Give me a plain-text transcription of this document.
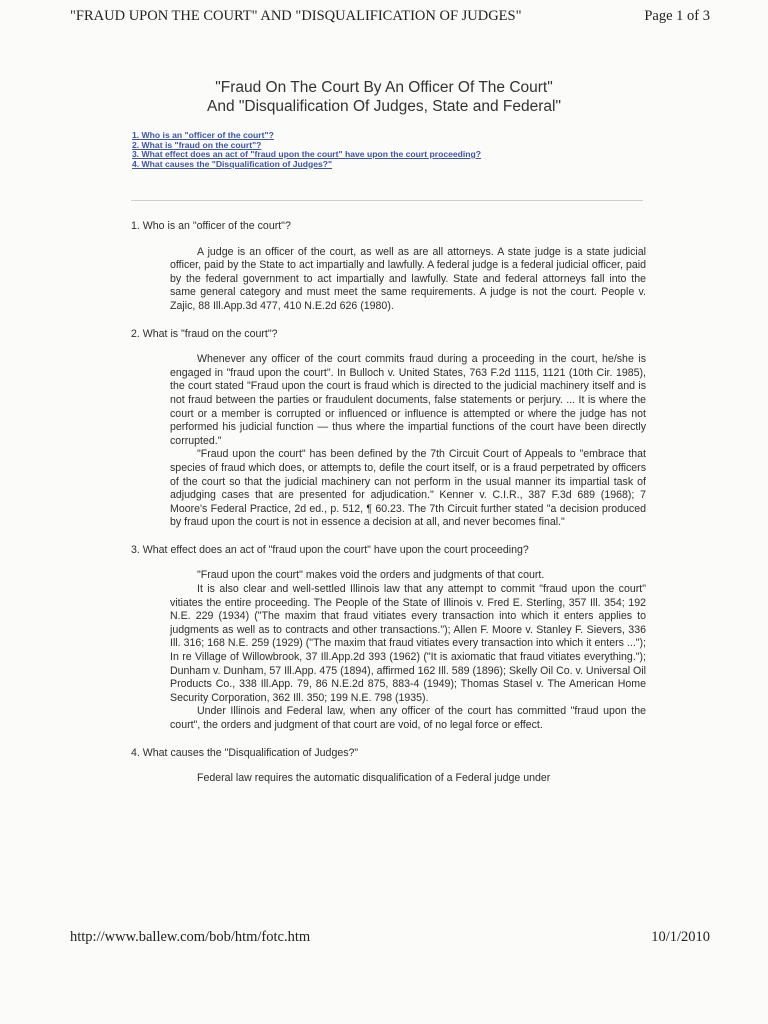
"FRAUD UPON THE COURT" AND "DISQUALIFICATION OF JUDGES"	Page 1 of 3
"Fraud On The Court By An Officer Of The Court"
And "Disqualification Of Judges, State and Federal"
1. Who is an "officer of the court"?
2. What is "fraud on the court"?
3. What effect does an act of "fraud upon the court" have upon the court proceeding?
4. What causes the "Disqualification of Judges?"
1. Who is an "officer of the court"?

A judge is an officer of the court, as well as are all attorneys. A state judge is a state judicial officer, paid by the State to act impartially and lawfully. A federal judge is a federal judicial officer, paid by the federal government to act impartially and lawfully. State and federal attorneys fall into the same general category and must meet the same requirements. A judge is not the court. People v. Zajic, 88 Ill.App.3d 477, 410 N.E.2d 626 (1980).

2. What is "fraud on the court"?

Whenever any officer of the court commits fraud during a proceeding in the court, he/she is engaged in "fraud upon the court". In Bulloch v. United States, 763 F.2d 1115, 1121 (10th Cir. 1985), the court stated "Fraud upon the court is fraud which is directed to the judicial machinery itself and is not fraud between the parties or fraudulent documents, false statements or perjury. ... It is where the court or a member is corrupted or influenced or influence is attempted or where the judge has not performed his judicial function — thus where the impartial functions of the court have been directly corrupted."

"Fraud upon the court" has been defined by the 7th Circuit Court of Appeals to "embrace that species of fraud which does, or attempts to, defile the court itself, or is a fraud perpetrated by officers of the court so that the judicial machinery can not perform in the usual manner its impartial task of adjudging cases that are presented for adjudication." Kenner v. C.I.R., 387 F.3d 689 (1968); 7 Moore's Federal Practice, 2d ed., p. 512, ¶ 60.23. The 7th Circuit further stated "a decision produced by fraud upon the court is not in essence a decision at all, and never becomes final."

3. What effect does an act of "fraud upon the court" have upon the court proceeding?

"Fraud upon the court" makes void the orders and judgments of that court.

It is also clear and well-settled Illinois law that any attempt to commit "fraud upon the court" vitiates the entire proceeding. The People of the State of Illinois v. Fred E. Sterling, 357 Ill. 354; 192 N.E. 229 (1934) ("The maxim that fraud vitiates every transaction into which it enters applies to judgments as well as to contracts and other transactions."); Allen F. Moore v. Stanley F. Sievers, 336 Ill. 316; 168 N.E. 259 (1929) ("The maxim that fraud vitiates every transaction into which it enters ..."); In re Village of Willowbrook, 37 Ill.App.2d 393 (1962) ("It is axiomatic that fraud vitiates everything."); Dunham v. Dunham, 57 Ill.App. 475 (1894), affirmed 162 Ill. 589 (1896); Skelly Oil Co. v. Universal Oil Products Co., 338 Ill.App. 79, 86 N.E.2d 875, 883-4 (1949); Thomas Stasel v. The American Home Security Corporation, 362 Ill. 350; 199 N.E. 798 (1935).

Under Illinois and Federal law, when any officer of the court has committed "fraud upon the court", the orders and judgment of that court are void, of no legal force or effect.

4. What causes the "Disqualification of Judges?"

Federal law requires the automatic disqualification of a Federal judge under

http://www.ballew.com/bob/htm/fotc.htm	10/1/2010
